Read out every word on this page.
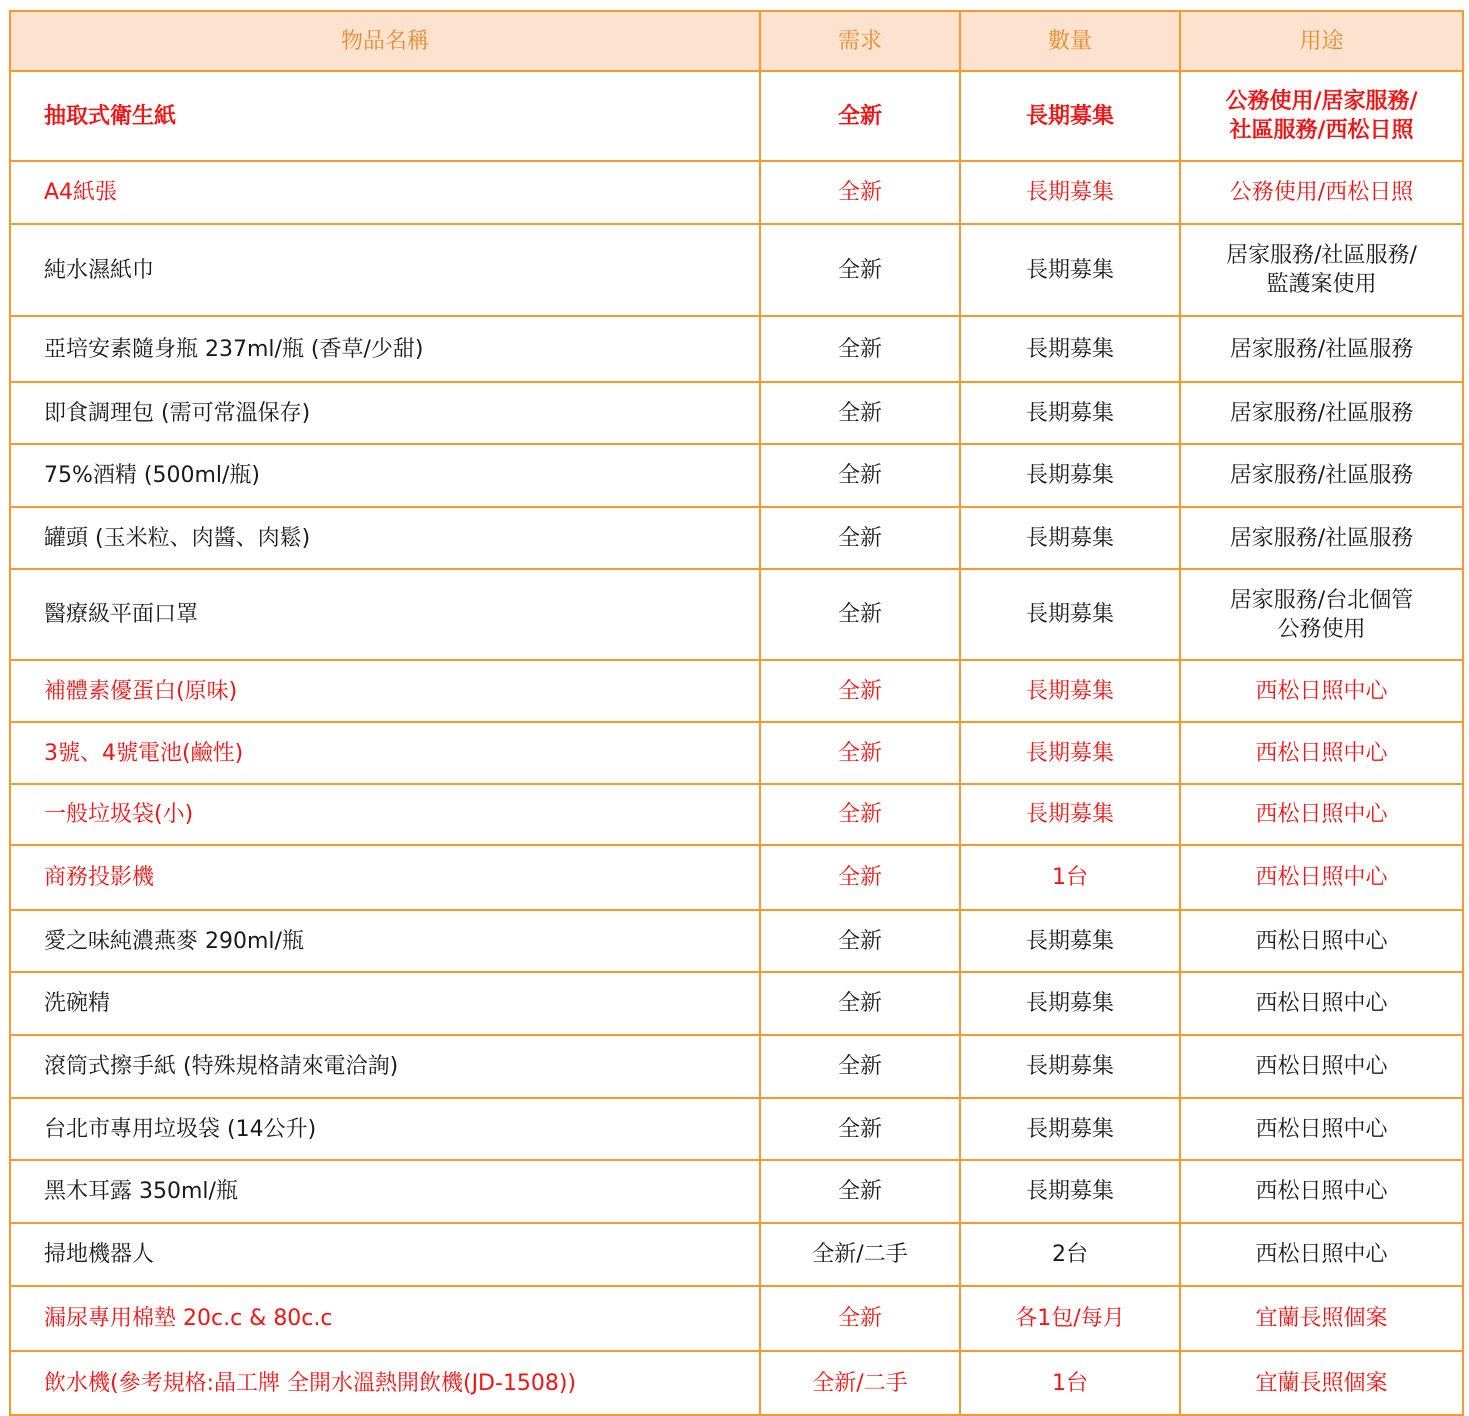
物品名稱	需求	數量	用途
抽取式衛生紙	全新	長期募集	公務使用/居家服務/
社區服務/西松日照

A4紙張	全新	長期募集	公務使用/西松日照

純水濕紙巾	全新	長期募集	居家服務/社區服務/
監護案使用

亞培安素隨身瓶 237ml/瓶 (香草/少甜)	全新	長期募集	居家服務/社區服務

即食調理包 (需可常溫保存)	全新	長期募集	居家服務/社區服務

75%酒精 (500ml/瓶)	全新	長期募集	居家服務/社區服務

罐頭 (玉米粒、肉醬、肉鬆)	全新	長期募集	居家服務/社區服務

醫療級平面口罩	全新	長期募集	居家服務/台北個管
公務使用

補體素優蛋白(原味)	全新	長期募集	西松日照中心

3號、4號電池(鹼性)	全新	長期募集	西松日照中心

一般垃圾袋(小)	全新	長期募集	西松日照中心

商務投影機	全新	1台	西松日照中心

愛之味純濃燕麥 290ml/瓶	全新	長期募集	西松日照中心

洗碗精	全新	長期募集	西松日照中心

滾筒式擦手紙 (特殊規格請來電洽詢)	全新	長期募集	西松日照中心

台北市專用垃圾袋 (14公升)	全新	長期募集	西松日照中心

黑木耳露 350ml/瓶	全新	長期募集	西松日照中心

掃地機器人	全新/二手	2台	西松日照中心

漏尿專用棉墊 20c.c & 80c.c	全新	各1包/每月	宜蘭長照個案

飲水機(參考規格:晶工牌 全開水溫熱開飲機(JD-1508))	全新/二手	1台	宜蘭長照個案
